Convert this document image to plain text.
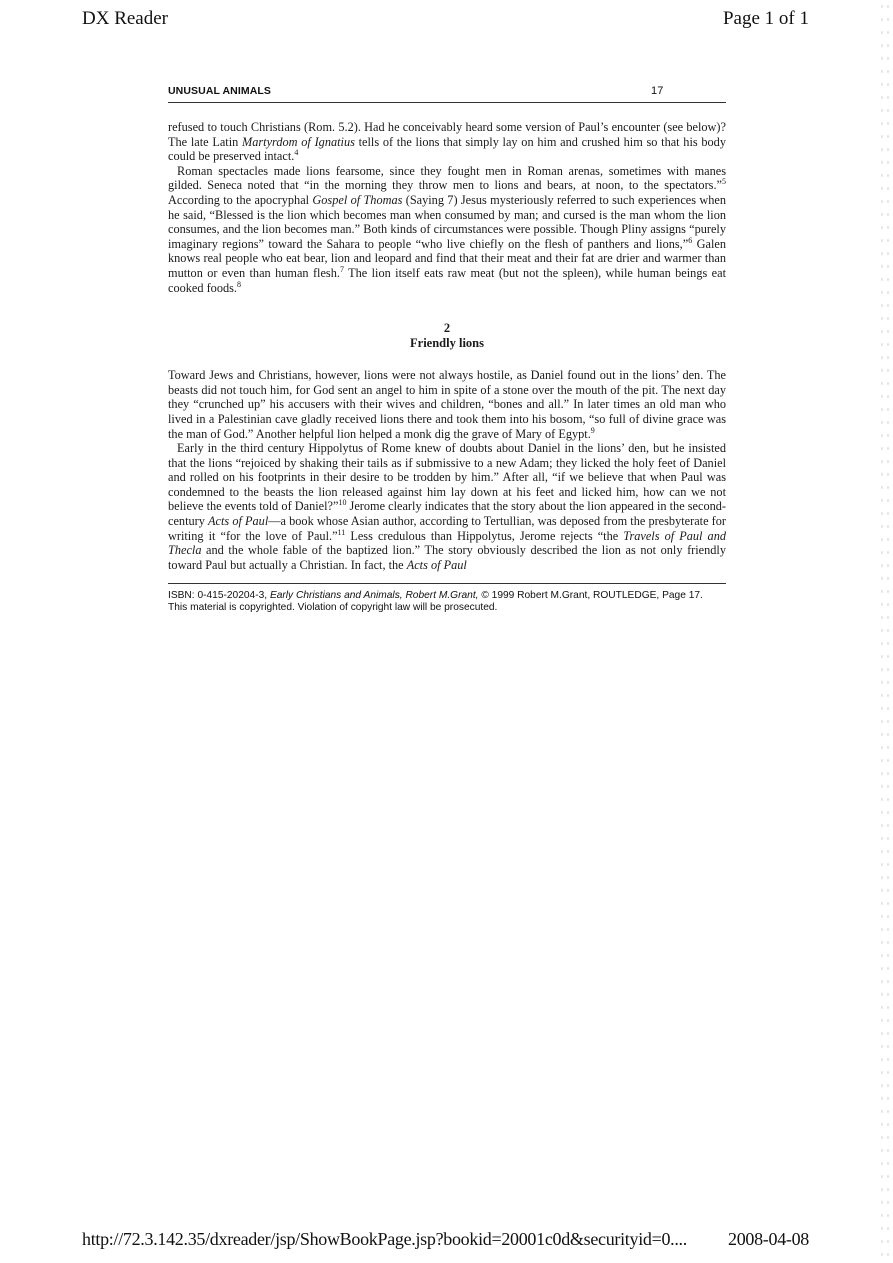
DX Reader	Page 1 of 1
UNUSUAL ANIMALS	17

refused to touch Christians (Rom. 5.2). Had he conceivably heard some version of Paul’s encounter (see below)? The late Latin Martyrdom of Ignatius tells of the lions that simply lay on him and crushed him so that his body could be preserved intact.$^4$

Roman spectacles made lions fearsome, since they fought men in Roman arenas, sometimes with manes gilded. Seneca noted that “in the morning they throw men to lions and bears, at noon, to the spectators.”$^5$ According to the apocryphal Gospel of Thomas (Saying 7) Jesus mysteriously referred to such experiences when he said, “Blessed is the lion which becomes man when consumed by man; and cursed is the man whom the lion consumes, and the lion becomes man.” Both kinds of circumstances were possible. Though Pliny assigns “purely imaginary regions” toward the Sahara to people “who live chiefly on the flesh of panthers and lions,”$^6$ Galen knows real people who eat bear, lion and leopard and find that their meat and their fat are drier and warmer than mutton or even than human flesh.$^7$ The lion itself eats raw meat (but not the spleen), while human beings eat cooked foods.$^8$

2
Friendly lions

Toward Jews and Christians, however, lions were not always hostile, as Daniel found out in the lions’ den. The beasts did not touch him, for God sent an angel to him in spite of a stone over the mouth of the pit. The next day they “crunched up” his accusers with their wives and children, “bones and all.” In later times an old man who lived in a Palestinian cave gladly received lions there and took them into his bosom, “so full of divine grace was the man of God.” Another helpful lion helped a monk dig the grave of Mary of Egypt.$^9$

Early in the third century Hippolytus of Rome knew of doubts about Daniel in the lions’ den, but he insisted that the lions “rejoiced by shaking their tails as if submissive to a new Adam; they licked the holy feet of Daniel and rolled on his footprints in their desire to be trodden by him.” After all, “if we believe that when Paul was condemned to the beasts the lion released against him lay down at his feet and licked him, how can we not believe the events told of Daniel?”$^{10}$ Jerome clearly indicates that the story about the lion appeared in the second-century Acts of Paul—a book whose Asian author, according to Tertullian, was deposed from the presbyterate for writing it “for the love of Paul.”$^{11}$ Less credulous than Hippolytus, Jerome rejects “the Travels of Paul and Thecla and the whole fable of the baptized lion.” The story obviously described the lion as not only friendly toward Paul but actually a Christian. In fact, the Acts of Paul

ISBN: 0-415-20204-3, Early Christians and Animals, Robert M.Grant, © 1999 Robert M.Grant, ROUTLEDGE, Page 17.
This material is copyrighted. Violation of copyright law will be prosecuted.
http://72.3.142.35/dxreader/jsp/ShowBookPage.jsp?bookid=20001c0d&securityid=0.... 2008-04-08
